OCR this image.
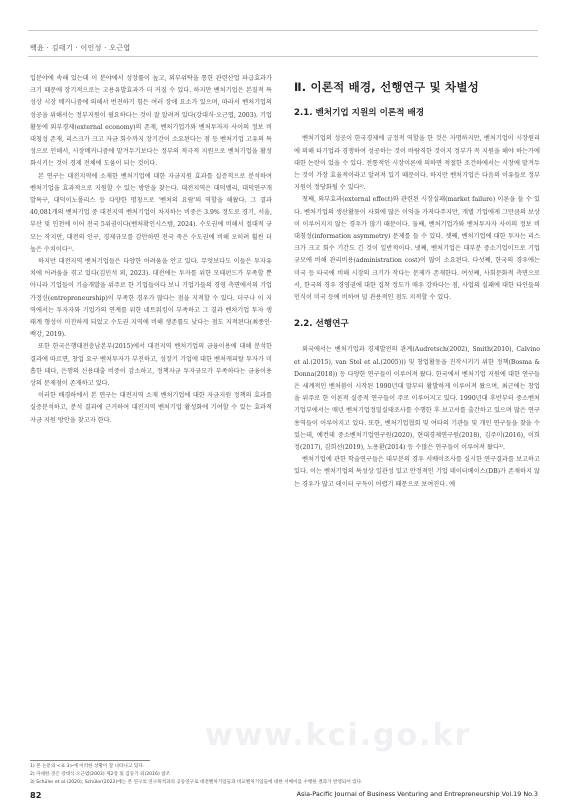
백윤 · 김태기 · 이인성 · 오근엽

입분야에 속해 있는데 이 분야에서 성장률이 높고, 외부위탁을 통한 관련산업 파급효과가 크기 때문에 장기적으로는 고용유발효과가 더 커질 수 있다. 하지만 벤처기업은 본질적 특성상 시장 메커니즘에 의해서 번전하기 힘든 여러 장애 요소가 있으며, 따라서 벤처기업의 성공을 위해서는 정부지원이 필요하다는 것이 잘 알려져 있다(강대식·오근엽, 2003). 기업활동에 외부경제(external economy)의 존재, 벤처기업가와 벤처투자자 사이의 정보 비대칭성 존재, 리스크가 크고 자금 회수까지 장기간이 소요된다는 점 등 벤처기업 고유의 특성으로 인해서, 시장메커니즘에 맡겨두기보다는 정부의 적극적 지원으로 벤처기업을 활성화시키는 것이 경제 전체에 도움이 되는 것이다.

본 연구는 대전지역에 소재한 벤처기업에 대한 자금지원 효과를 실증적으로 분석하여 벤처기업을 효과적으로 지원할 수 있는 방안을 찾는다. 대전지역은 대덕밸리, 대덕연구개발특구, 대덕이노폴리스 등 다양한 명칭으로 '벤처의 요람'의 역할을 해왔다. 그 결과 40,081개의 벤처기업 중 대전지역 벤처기업이 차지하는 비중은 3.9% 정도로 경기, 서울, 부산 및 인천에 이어 전국 5위권이다(벤처확인시스템, 2024). 수도권에 비해서 절대적 규모는 작지만, 대전의 인구, 경제규모를 감안하면 전국 죽은 수도권에 비해 오히려 훨씬 더 높은 수치이다¹⁾.

하지만 대전지역 벤처기업들은 다양한 어려움을 안고 있다. 무엇보다도 이들은 투자유치에 어려움을 겪고 있다(김민석 외, 2023). 대전에는 투자를 위한 모태펀드가 부족할 뿐 아니라 기업들이 기술개발을 위주로 한 기업들이다 보니 기업가들의 경영 측면에서의 기업가정신(entrepreneurship)이 부족한 경우가 많다는 점을 지적할 수 있다. 더구나 이 지역에서는 투자자와 기업가의 연계를 위한 네트워킹이 부족하고 그 결과 벤처기업 투자 생태계 형성이 미진하게 되었고 수도권 지역에 비해 생존률도 낮다는 점도 지적된다(최종인·백강, 2019).

또한 한국은행대전충남본부(2015)에서 대전지역 벤처기업의 금융이용에 대해 분석한 결과에 따르면, 창업 요구 벤처투자가 부진하고, 성장기 기업에 대한 벤처캐피탈 투자가 미흡한 데다, 은행의 신용대출 비중이 감소하고, 정책자금 투자규모가 부족하다는 금융이용상의 문제점이 존재하고 있다.

이러한 배경하에서 본 연구는 대전지역 소재 벤처기업에 대한 자금지원 정책의 효과를 실증분석하고, 분석 결과에 근거하여 대전지역 벤처기업 활성화에 기여할 수 있는 효과적 자금 지원 방안을 찾고자 한다.

Ⅱ. 이론적 배경, 선행연구 및 차별성
2.1. 벤처기업 지원의 이론적 배경

벤처기업의 성공이 한국경제에 긍정적 역할을 한 것은 자명하지만, 벤처기업이 시장원리에 의해 타기업과 경쟁하여 성공하는 것이 바람직한 것이지 정부가 꼭 지원을 해야 하는가에 대한 논란이 있을 수 있다. 전통적인 시장이론에 의하면 적절한 조건하에서는 시장에 맡겨두는 것이 가장 효율적이라고 알려져 있기 때문이다. 하지만 벤처기업은 다음의 이유들로 정부지원이 정당화될 수 있다²⁾.

첫째, 외부효과(external effect)와 관련된 시장실패(market failure) 이론을 들 수 있다. 벤처기업의 생산활동이 사회에 많은 이익을 가져다주지만, 개별 기업에게 그만큼의 보상이 이루어지지 않는 경우가 많기 때문이다. 둘째, 벤처기업가와 벤처투자자 사이의 정보 비대칭성(information asymmetry) 문제를 들 수 있다. 셋째, 벤처기업에 대한 투자는 리스크가 크고 회수 기간도 긴 것이 일반적이다. 넷째, 벤처기업은 대부분 중소기업이므로 기업규모에 비해 관리비용(administration cost)이 많이 소요된다. 다섯째, 한국의 경우에는 미국 등 타국에 비해 시장의 크기가 작다는 문제가 존재한다. 여섯째, 사회문화적 측면으로서, 한국의 경우 경영권에 대한 집착 정도가 매우 강하다는 점, 사업의 실패에 대한 타인들의 인식이 미국 등에 비하여 덜 관용적인 점도 지적할 수 있다.

2.2. 선행연구

외국에서는 벤처기업과 경제발전의 관계(Audretsch(2002), Smith(2010), Calvino et al.(2015), van Stel et al.(2005))) 및 창업활동을 진작시키기 위한 정책(Bosma & Donna(2018)) 등 다양한 연구들이 이루어져 왔다. 한국에서 벤처기업 지원에 대한 연구들은 세계적인 벤처붐이 시작된 1990년대 말부터 활발하게 이루어져 왔으며, 최근에는 창업을 위주로 한 이론적 실증적 연구들이 주로 이루어지고 있다. 1990년대 후반부터 중소벤처기업부에서는 매년 벤처기업정밀실태조사를 수행한 후 보고서를 출간하고 있으며 많은 연구용역들이 이루어지고 있다. 또한, 벤처기업협회 및 여타의 기관들 및 개인 연구들을 찾을 수 있는데, 예컨데 중소벤처기업연구원(2020), 현대경제연구원(2018), 김주미(2016), 이희정(2017), 김희선(2019), 노용환(2014) 등 수많은 연구들이 이루어져 왔다³⁾.

벤처기업에 관한 학술연구들은 대부분의 경우 서베이조사를 실시한 연구결과를 보고하고 있다. 이는 벤처기업의 특성상 일관성 있고 안정적인 기업 데이터베이스(DB)가 존재하지 않는 경우가 많고 데이터 구득이 어렵기 때문으로 보여진다. 예

www.kci.go.kr
1) 본 논문의 <표 3>에 이러한 상황이 잘 나타나고 있다.
2) 자세한 것은 강대식·오근엽(2003) 제2장 및 김동기 외(2016) 참조
3) Schüler et al.(2020), Schüler(2022)에는 본 연구의 연구목적과의 공동연구로 대전벤처기업들과 비교벤처기업들에 대한 서베이를 수행한 결과가 반영되어 있다.
82	Asia-Pacific Journal of Business Venturing and Entrepreneurship Vol.19 No.3
